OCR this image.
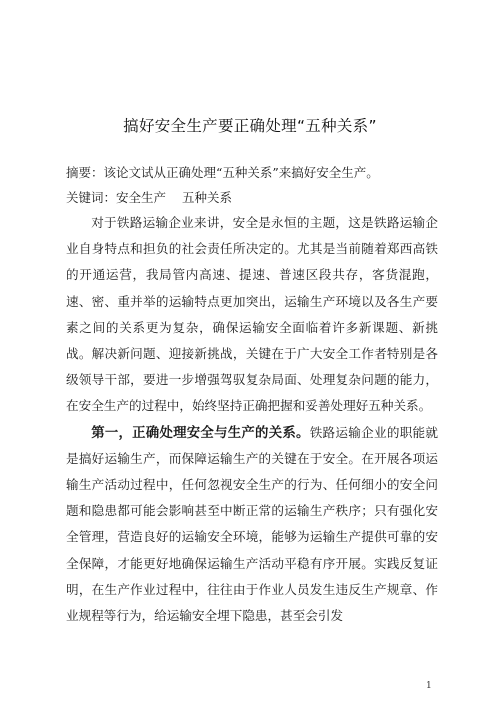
搞好安全生产要正确处理“五种关系”
摘要：该论文试从正确处理“五种关系”来搞好安全生产。
关键词：安全生产 五种关系

对于铁路运输企业来讲，安全是永恒的主题，这是铁路运输企业自身特点和担负的社会责任所决定的。尤其是当前随着郑西高铁的开通运营，我局管内高速、提速、普速区段共存，客货混跑，速、密、重并举的运输特点更加突出，运输生产环境以及各生产要素之间的关系更为复杂，确保运输安全面临着许多新课题、新挑战。解决新问题、迎接新挑战，关键在于广大安全工作者特别是各级领导干部，要进一步增强驾驭复杂局面、处理复杂问题的能力，在安全生产的过程中，始终坚持正确把握和妥善处理好五种关系。

第一，正确处理安全与生产的关系。铁路运输企业的职能就是搞好运输生产，而保障运输生产的关键在于安全。在开展各项运输生产活动过程中，任何忽视安全生产的行为、任何细小的安全问题和隐患都可能会影响甚至中断正常的运输生产秩序；只有强化安全管理，营造良好的运输安全环境，能够为运输生产提供可靠的安全保障，才能更好地确保运输生产活动平稳有序开展。实践反复证明，在生产作业过程中，往往由于作业人员发生违反生产规章、作业规程等行为，给运输安全埋下隐患，甚至会引发

1
